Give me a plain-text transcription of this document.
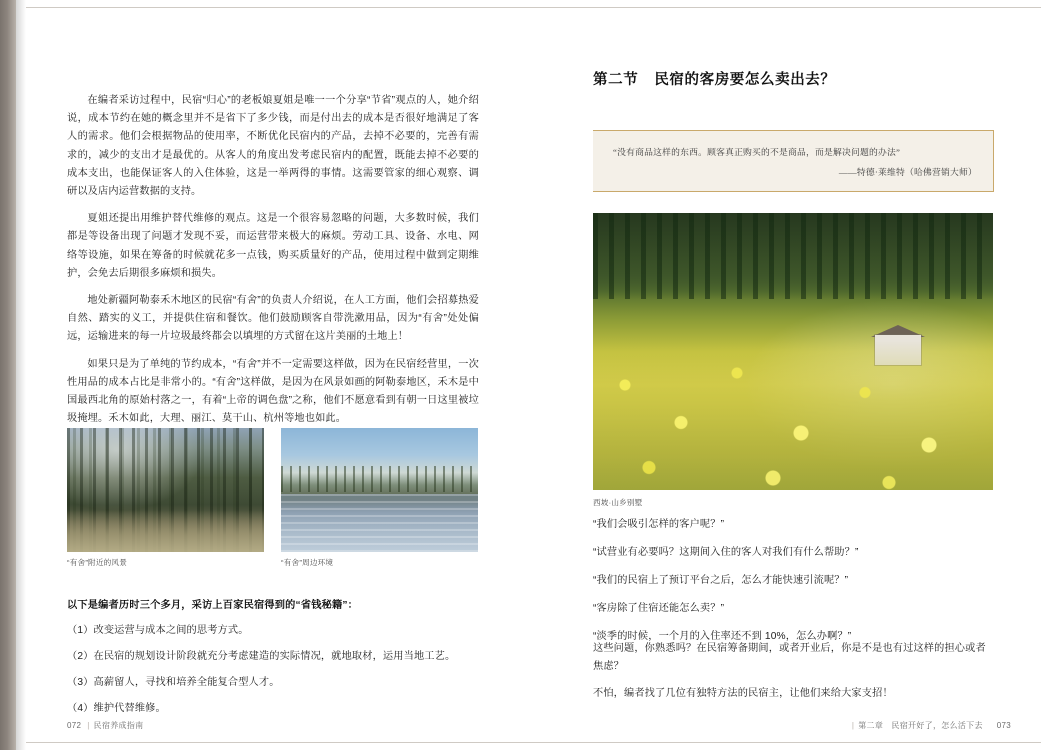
在编者采访过程中，民宿“归心”的老板娘夏姐是唯一一个分享“节省”观点的人，她介绍说，成本节约在她的概念里并不是省下了多少钱，而是付出去的成本是否很好地满足了客人的需求。他们会根据物品的使用率，不断优化民宿内的产品，去掉不必要的，完善有需求的，减少的支出才是最优的。从客人的角度出发考虑民宿内的配置，既能去掉不必要的成本支出，也能保证客人的入住体验，这是一举两得的事情。这需要管家的细心观察、调研以及店内运营数据的支持。

夏姐还提出用维护替代维修的观点。这是一个很容易忽略的问题，大多数时候，我们都是等设备出现了问题才发现不妥，而运营带来极大的麻烦。劳动工具、设备、水电、网络等设施，如果在筹备的时候就花多一点钱，购买质量好的产品，使用过程中做到定期维护，会免去后期很多麻烦和损失。

地处新疆阿勒泰禾木地区的民宿“有舍”的负责人介绍说，在人工方面，他们会招募热爱自然、踏实的义工，并提供住宿和餐饮。他们鼓励顾客自带洗漱用品，因为“有舍”处处偏远，运输进来的每一片垃圾最终都会以填埋的方式留在这片美丽的土地上！

如果只是为了单纯的节约成本，“有舍”并不一定需要这样做，因为在民宿经营里，一次性用品的成本占比是非常小的。“有舍”这样做，是因为在风景如画的阿勒泰地区，禾木是中国最西北角的原始村落之一，有着“上帝的调色盘”之称，他们不愿意看到有朝一日这里被垃圾掩埋。禾木如此，大理、丽江、莫干山、杭州等地也如此。

“有舍”附近的风景	“有舍”周边环境
以下是编者历时三个多月，采访上百家民宿得到的“省钱秘籍”：
（1）改变运营与成本之间的思考方式。
（2）在民宿的规划设计阶段就充分考虑建造的实际情况，就地取材，运用当地工艺。
（3）高薪留人，寻找和培养全能复合型人才。
（4）维护代替维修。
072 | 民宿养成指南
第二节 民宿的客房要怎么卖出去？
“没有商品这样的东西。顾客真正购买的不是商品，而是解决问题的办法”
——特德·莱维特（哈佛营销大师）
西坡·山乡别墅
“我们会吸引怎样的客户呢？”
“试营业有必要吗？这期间入住的客人对我们有什么帮助？”
“我们的民宿上了预订平台之后，怎么才能快速引流呢？”
“客房除了住宿还能怎么卖？”
“淡季的时候，一个月的入住率还不到 10%，怎么办啊？”

这些问题，你熟悉吗？在民宿筹备期间，或者开业后，你是不是也有过这样的担心或者焦虑？

不怕，编者找了几位有独特方法的民宿主，让他们来给大家支招！

| 第二章　民宿开好了，怎么活下去 073
